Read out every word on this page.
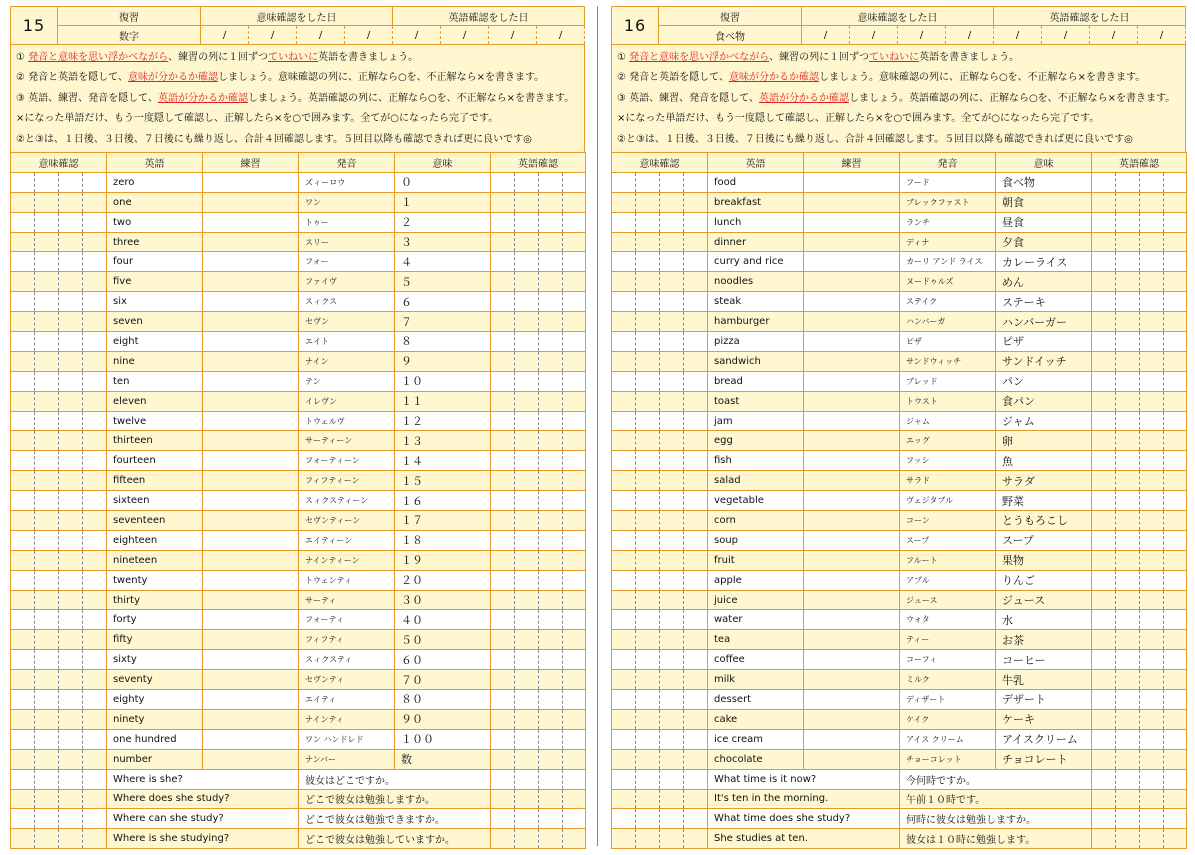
15	復習	意味確認をした日				英語確認をした日			
	数字	/	/	/	/	/	/	/	/
① 発音と意味を思い浮かべながら、練習の列に１回ずつていねいに英語を書きましょう。
② 発音と英語を隠して、意味が分かるか確認しましょう。意味確認の列に、正解なら○を、不正解なら×を書きます。
③ 英語、練習、発音を隠して、英語が分かるか確認しましょう。英語確認の列に、正解なら○を、不正解なら×を書きます。
×になった単語だけ、もう一度隠して確認し、正解したら×を○で囲みます。全てが○になったら完了です。
②と③は、１日後、３日後、７日後にも繰り返し、合計４回確認します。５回目以降も確認できれば更に良いです◎
意味確認				英語	練習	発音	意味	英語確認			
				zero		ズィーロウ	０				
				one		ワン	１				
				two		トゥー	２				
				three		スリー	３				
				four		フォー	４				
				five		ファイヴ	５				
				six		スィクス	６				
				seven		セヴン	７				
				eight		エイト	８				
				nine		ナイン	９				
				ten		テン	１０				
				eleven		イレヴン	１１				
				twelve		トウェルヴ	１２				
				thirteen		サーティーン	１３				
				fourteen		フォーティーン	１４				
				fifteen		フィフティーン	１５				
				sixteen		スィクスティーン	１６				
				seventeen		セヴンティーン	１７				
				eighteen		エイティーン	１８				
				nineteen		ナインティーン	１９				
				twenty		トウェンティ	２０				
				thirty		サーティ	３０				
				forty		フォーティ	４０				
				fifty		フィフティ	５０				
				sixty		スィクスティ	６０				
				seventy		セヴンティ	７０				
				eighty		エイティ	８０				
				ninety		ナインティ	９０				
				one hundred		ワン ハンドレド	１００				
				number		ナンバー	数				
				Where is she?		彼女はどこですか。					
				Where does she study?		どこで彼女は勉強しますか。					
				Where can she study?		どこで彼女は勉強できますか。					
				Where is she studying?		どこで彼女は勉強していますか。					
16	復習	意味確認をした日				英語確認をした日			
	食べ物	/	/	/	/	/	/	/	/
① 発音と意味を思い浮かべながら、練習の列に１回ずつていねいに英語を書きましょう。
② 発音と英語を隠して、意味が分かるか確認しましょう。意味確認の列に、正解なら○を、不正解なら×を書きます。
③ 英語、練習、発音を隠して、英語が分かるか確認しましょう。英語確認の列に、正解なら○を、不正解なら×を書きます。
×になった単語だけ、もう一度隠して確認し、正解したら×を○で囲みます。全てが○になったら完了です。
②と③は、１日後、３日後、７日後にも繰り返し、合計４回確認します。５回目以降も確認できれば更に良いです◎
意味確認				英語	練習	発音	意味	英語確認			
				food		フード	食べ物				
				breakfast		ブレックファスト	朝食				
				lunch		ランチ	昼食				
				dinner		ディナ	夕食				
				curry and rice		カーリ アンド ライス	カレーライス				
				noodles		ヌードゥルズ	めん				
				steak		ステイク	ステーキ				
				hamburger		ハンバーガ	ハンバーガー				
				pizza		ピザ	ピザ				
				sandwich		サンドウィッチ	サンドイッチ				
				bread		ブレッド	パン				
				toast		トウスト	食パン				
				jam		ジャム	ジャム				
				egg		エッグ	卵				
				fish		フッシ	魚				
				salad		サラド	サラダ				
				vegetable		ヴェジタブル	野菜				
				corn		コーン	とうもろこし				
				soup		スープ	スープ				
				fruit		フルート	果物				
				apple		アプル	りんご				
				juice		ジュース	ジュース				
				water		ウォタ	水				
				tea		ティー	お茶				
				coffee		コーフィ	コーヒー				
				milk		ミルク	牛乳				
				dessert		ディザート	デザート				
				cake		ケイク	ケーキ				
				ice cream		アイス クリーム	アイスクリーム				
				chocolate		チョーコレット	チョコレート				
				What time is it now?		今何時ですか。					
				It's ten in the morning.		午前１０時です。					
				What time does she study?		何時に彼女は勉強しますか。					
				She studies at ten.		彼女は１０時に勉強します。					
